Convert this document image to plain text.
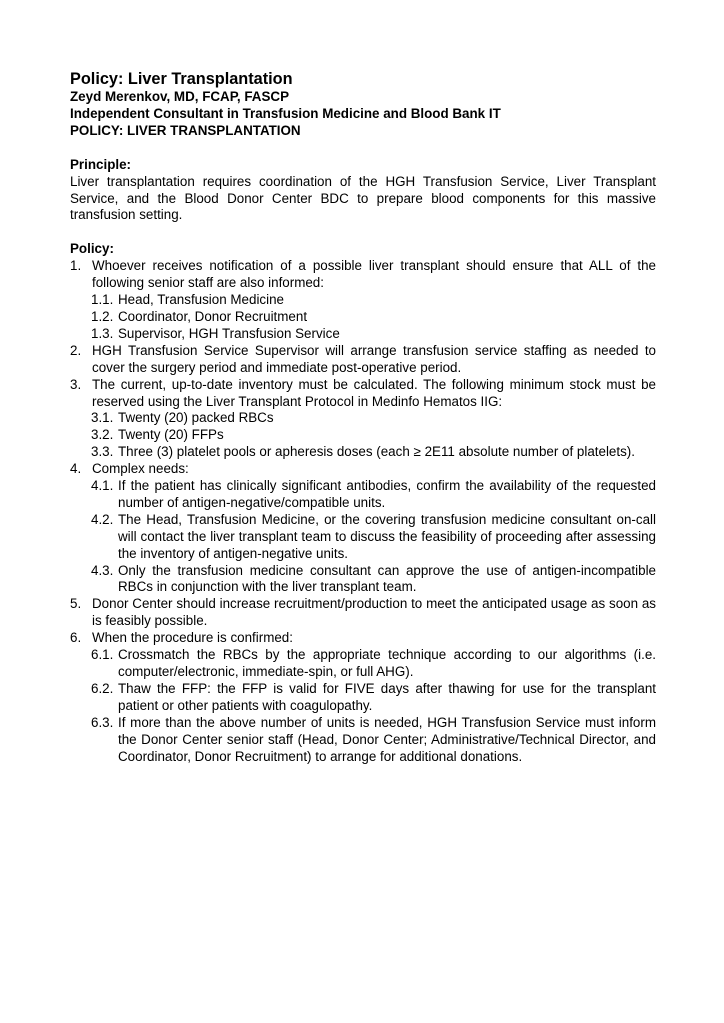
Policy: Liver Transplantation
Zeyd Merenkov, MD, FCAP, FASCP
Independent Consultant in Transfusion Medicine and Blood Bank IT
POLICY: LIVER TRANSPLANTATION
Principle:
Liver transplantation requires coordination of the HGH Transfusion Service, Liver Transplant Service, and the Blood Donor Center BDC to prepare blood components for this massive transfusion setting.
Policy:
1. Whoever receives notification of a possible liver transplant should ensure that ALL of the following senior staff are also informed:
1.1. Head, Transfusion Medicine
1.2. Coordinator, Donor Recruitment
1.3. Supervisor, HGH Transfusion Service
2. HGH Transfusion Service Supervisor will arrange transfusion service staffing as needed to cover the surgery period and immediate post-operative period.
3. The current, up-to-date inventory must be calculated. The following minimum stock must be reserved using the Liver Transplant Protocol in Medinfo Hematos IIG:
3.1. Twenty (20) packed RBCs
3.2. Twenty (20) FFPs
3.3. Three (3) platelet pools or apheresis doses (each ≥ 2E11 absolute number of platelets).
4. Complex needs:
4.1. If the patient has clinically significant antibodies, confirm the availability of the requested number of antigen-negative/compatible units.
4.2. The Head, Transfusion Medicine, or the covering transfusion medicine consultant on-call will contact the liver transplant team to discuss the feasibility of proceeding after assessing the inventory of antigen-negative units.
4.3. Only the transfusion medicine consultant can approve the use of antigen-incompatible RBCs in conjunction with the liver transplant team.
5. Donor Center should increase recruitment/production to meet the anticipated usage as soon as is feasibly possible.
6. When the procedure is confirmed:
6.1. Crossmatch the RBCs by the appropriate technique according to our algorithms (i.e. computer/electronic, immediate-spin, or full AHG).
6.2. Thaw the FFP: the FFP is valid for FIVE days after thawing for use for the transplant patient or other patients with coagulopathy.
6.3. If more than the above number of units is needed, HGH Transfusion Service must inform the Donor Center senior staff (Head, Donor Center; Administrative/Technical Director, and Coordinator, Donor Recruitment) to arrange for additional donations.
